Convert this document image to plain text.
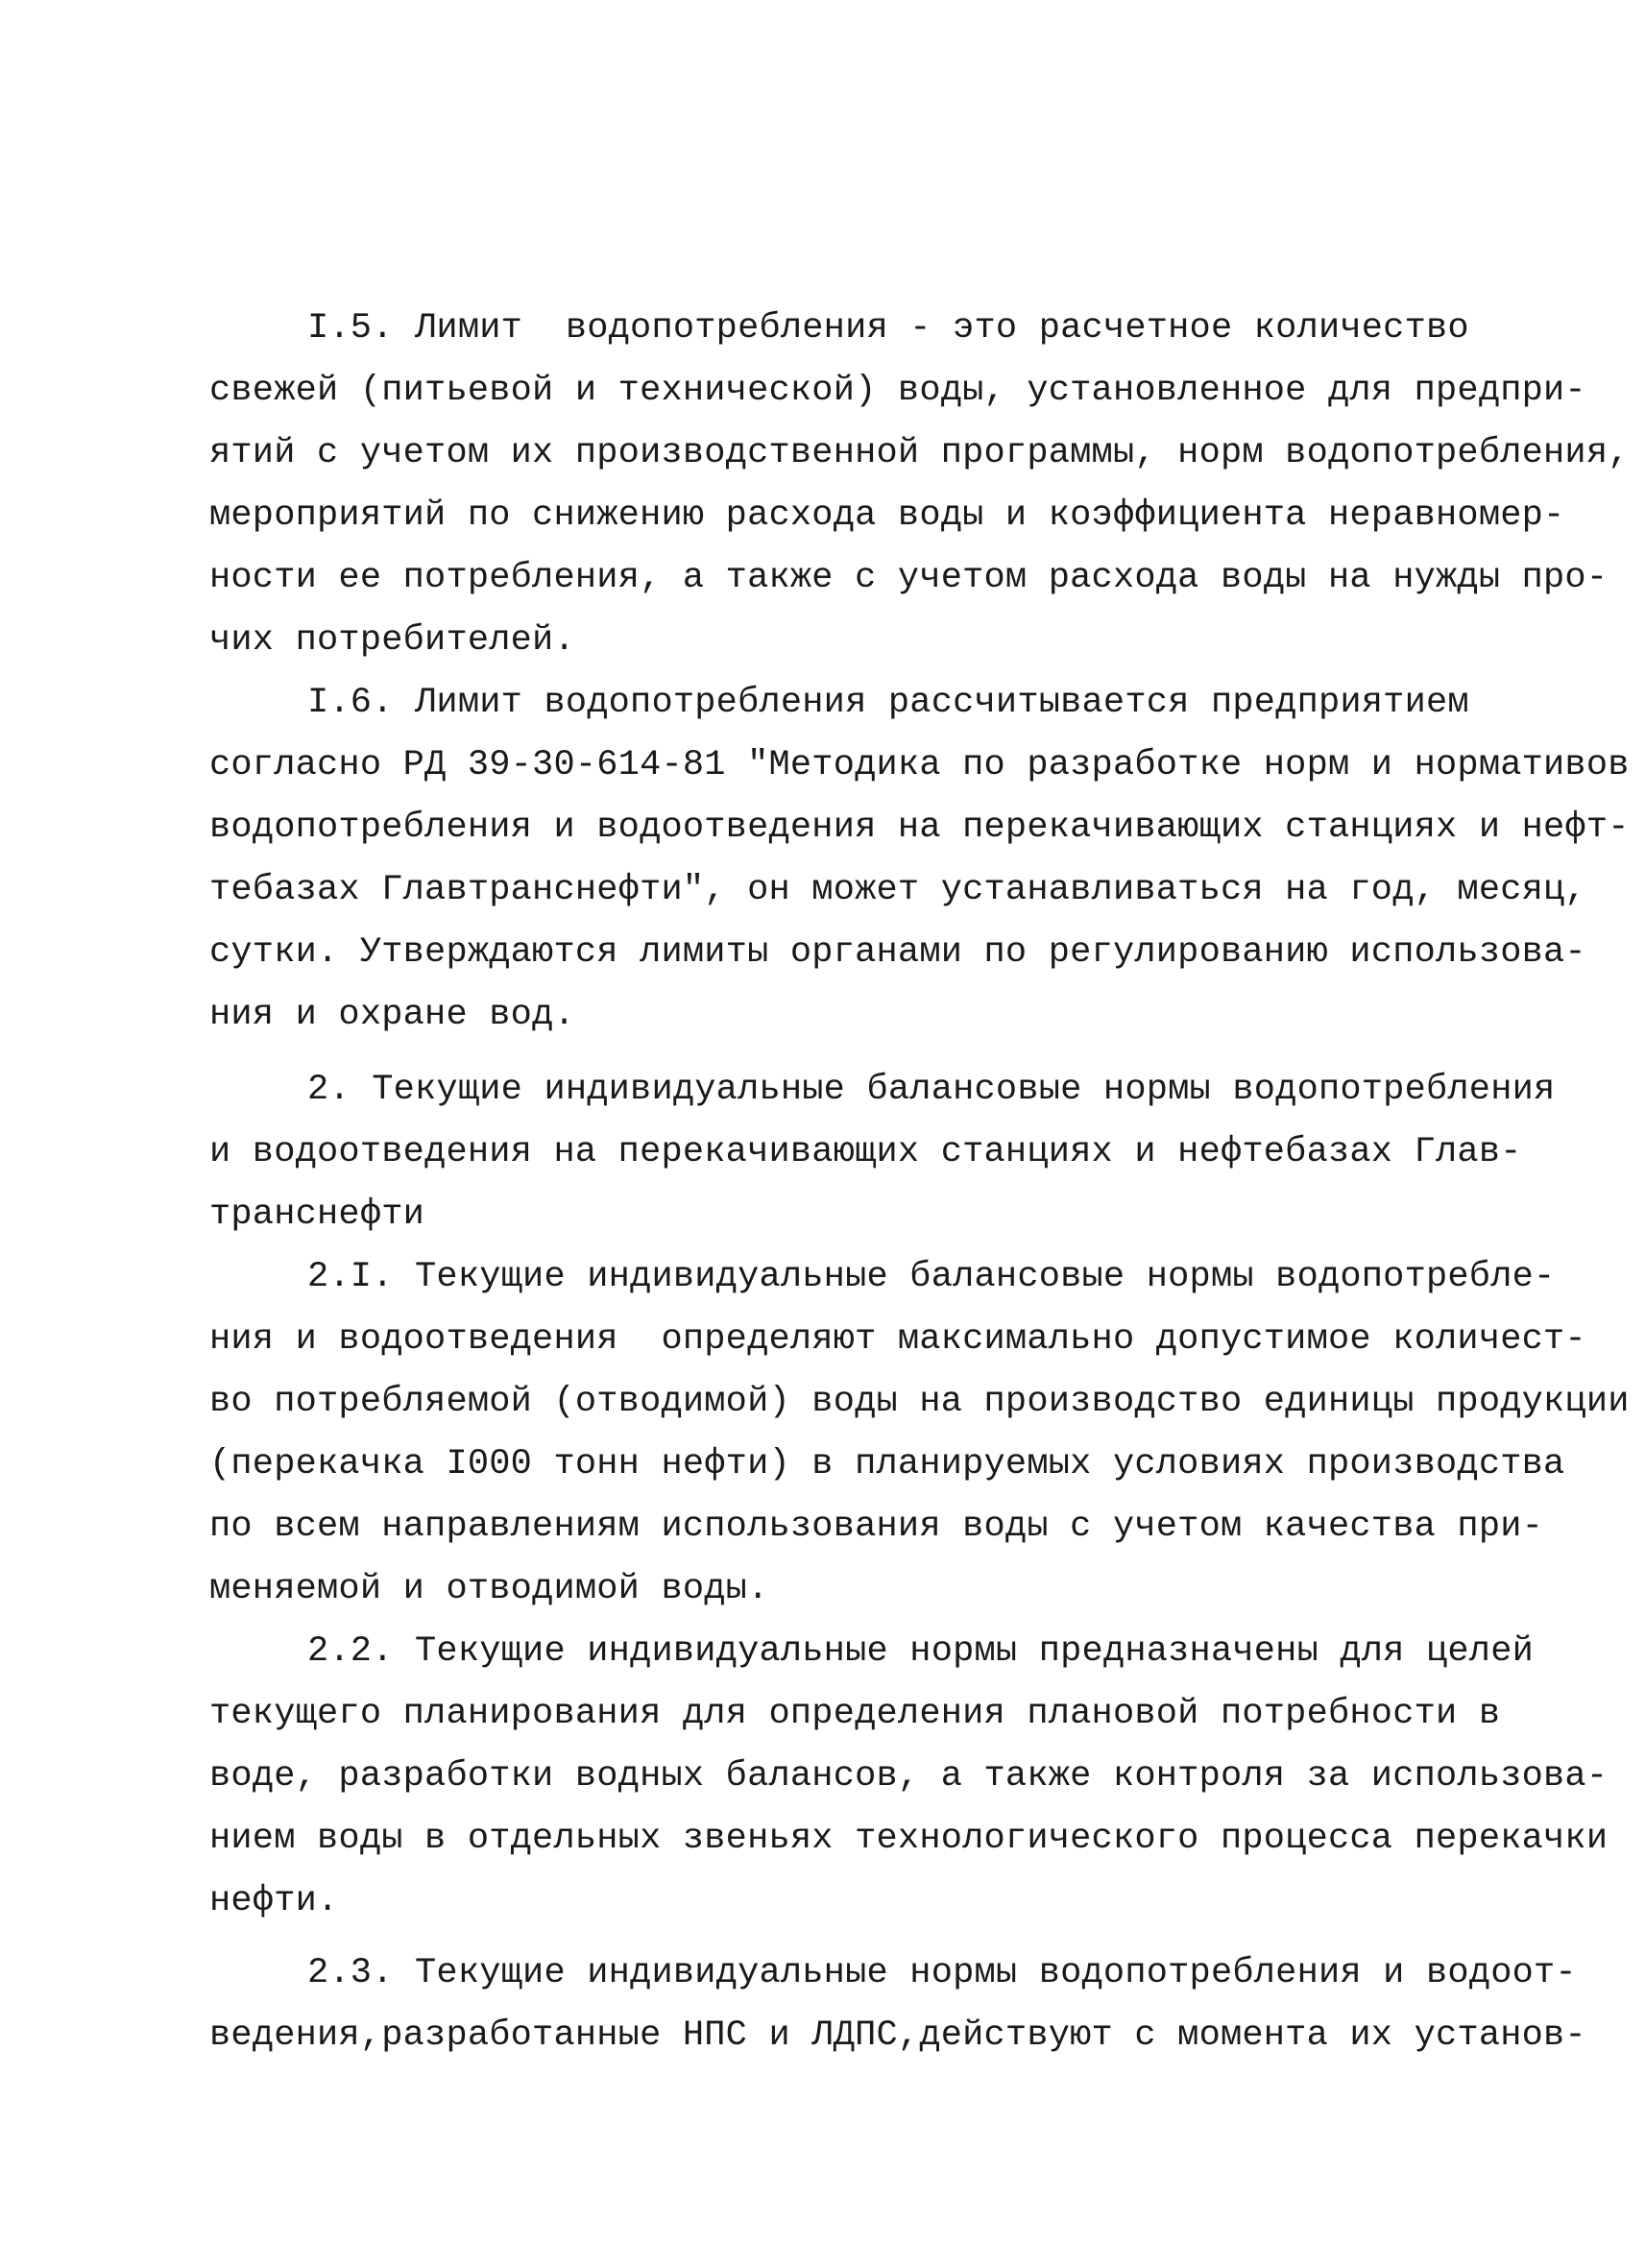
I.5. Лимит  водопотребления - это расчетное количество
свежей (питьевой и технической) воды, установленное для предпри-
ятий с учетом их производственной программы, норм водопотребления,
мероприятий по снижению расхода воды и коэффициента неравномер-
ности ее потребления, а также с учетом расхода воды на нужды про-
чих потребителей.
I.6. Лимит водопотребления рассчитывается предприятием
согласно РД 39-30-614-81 "Методика по разработке норм и нормативов
водопотребления и водоотведения на перекачивающих станциях и нефт-
тебазах Главтранснефти", он может устанавливаться на год, месяц,
сутки. Утверждаются лимиты органами по регулированию использова-
ния и охране вод.
2. Текущие индивидуальные балансовые нормы водопотребления
и водоотведения на перекачивающих станциях и нефтебазах Глав-
транснефти
2.I. Текущие индивидуальные балансовые нормы водопотребле-
ния и водоотведения  определяют максимально допустимое количест-
во потребляемой (отводимой) воды на производство единицы продукции
(перекачка I000 тонн нефти) в планируемых условиях производства
по всем направлениям использования воды с учетом качества при-
меняемой и отводимой воды.
2.2. Текущие индивидуальные нормы предназначены для целей
текущего планирования для определения плановой потребности в
воде, разработки водных балансов, а также контроля за использова-
нием воды в отдельных звеньях технологического процесса перекачки
нефти.
2.3. Текущие индивидуальные нормы водопотребления и водоот-
ведения,разработанные НПС и ЛДПС,действуют с момента их установ-
